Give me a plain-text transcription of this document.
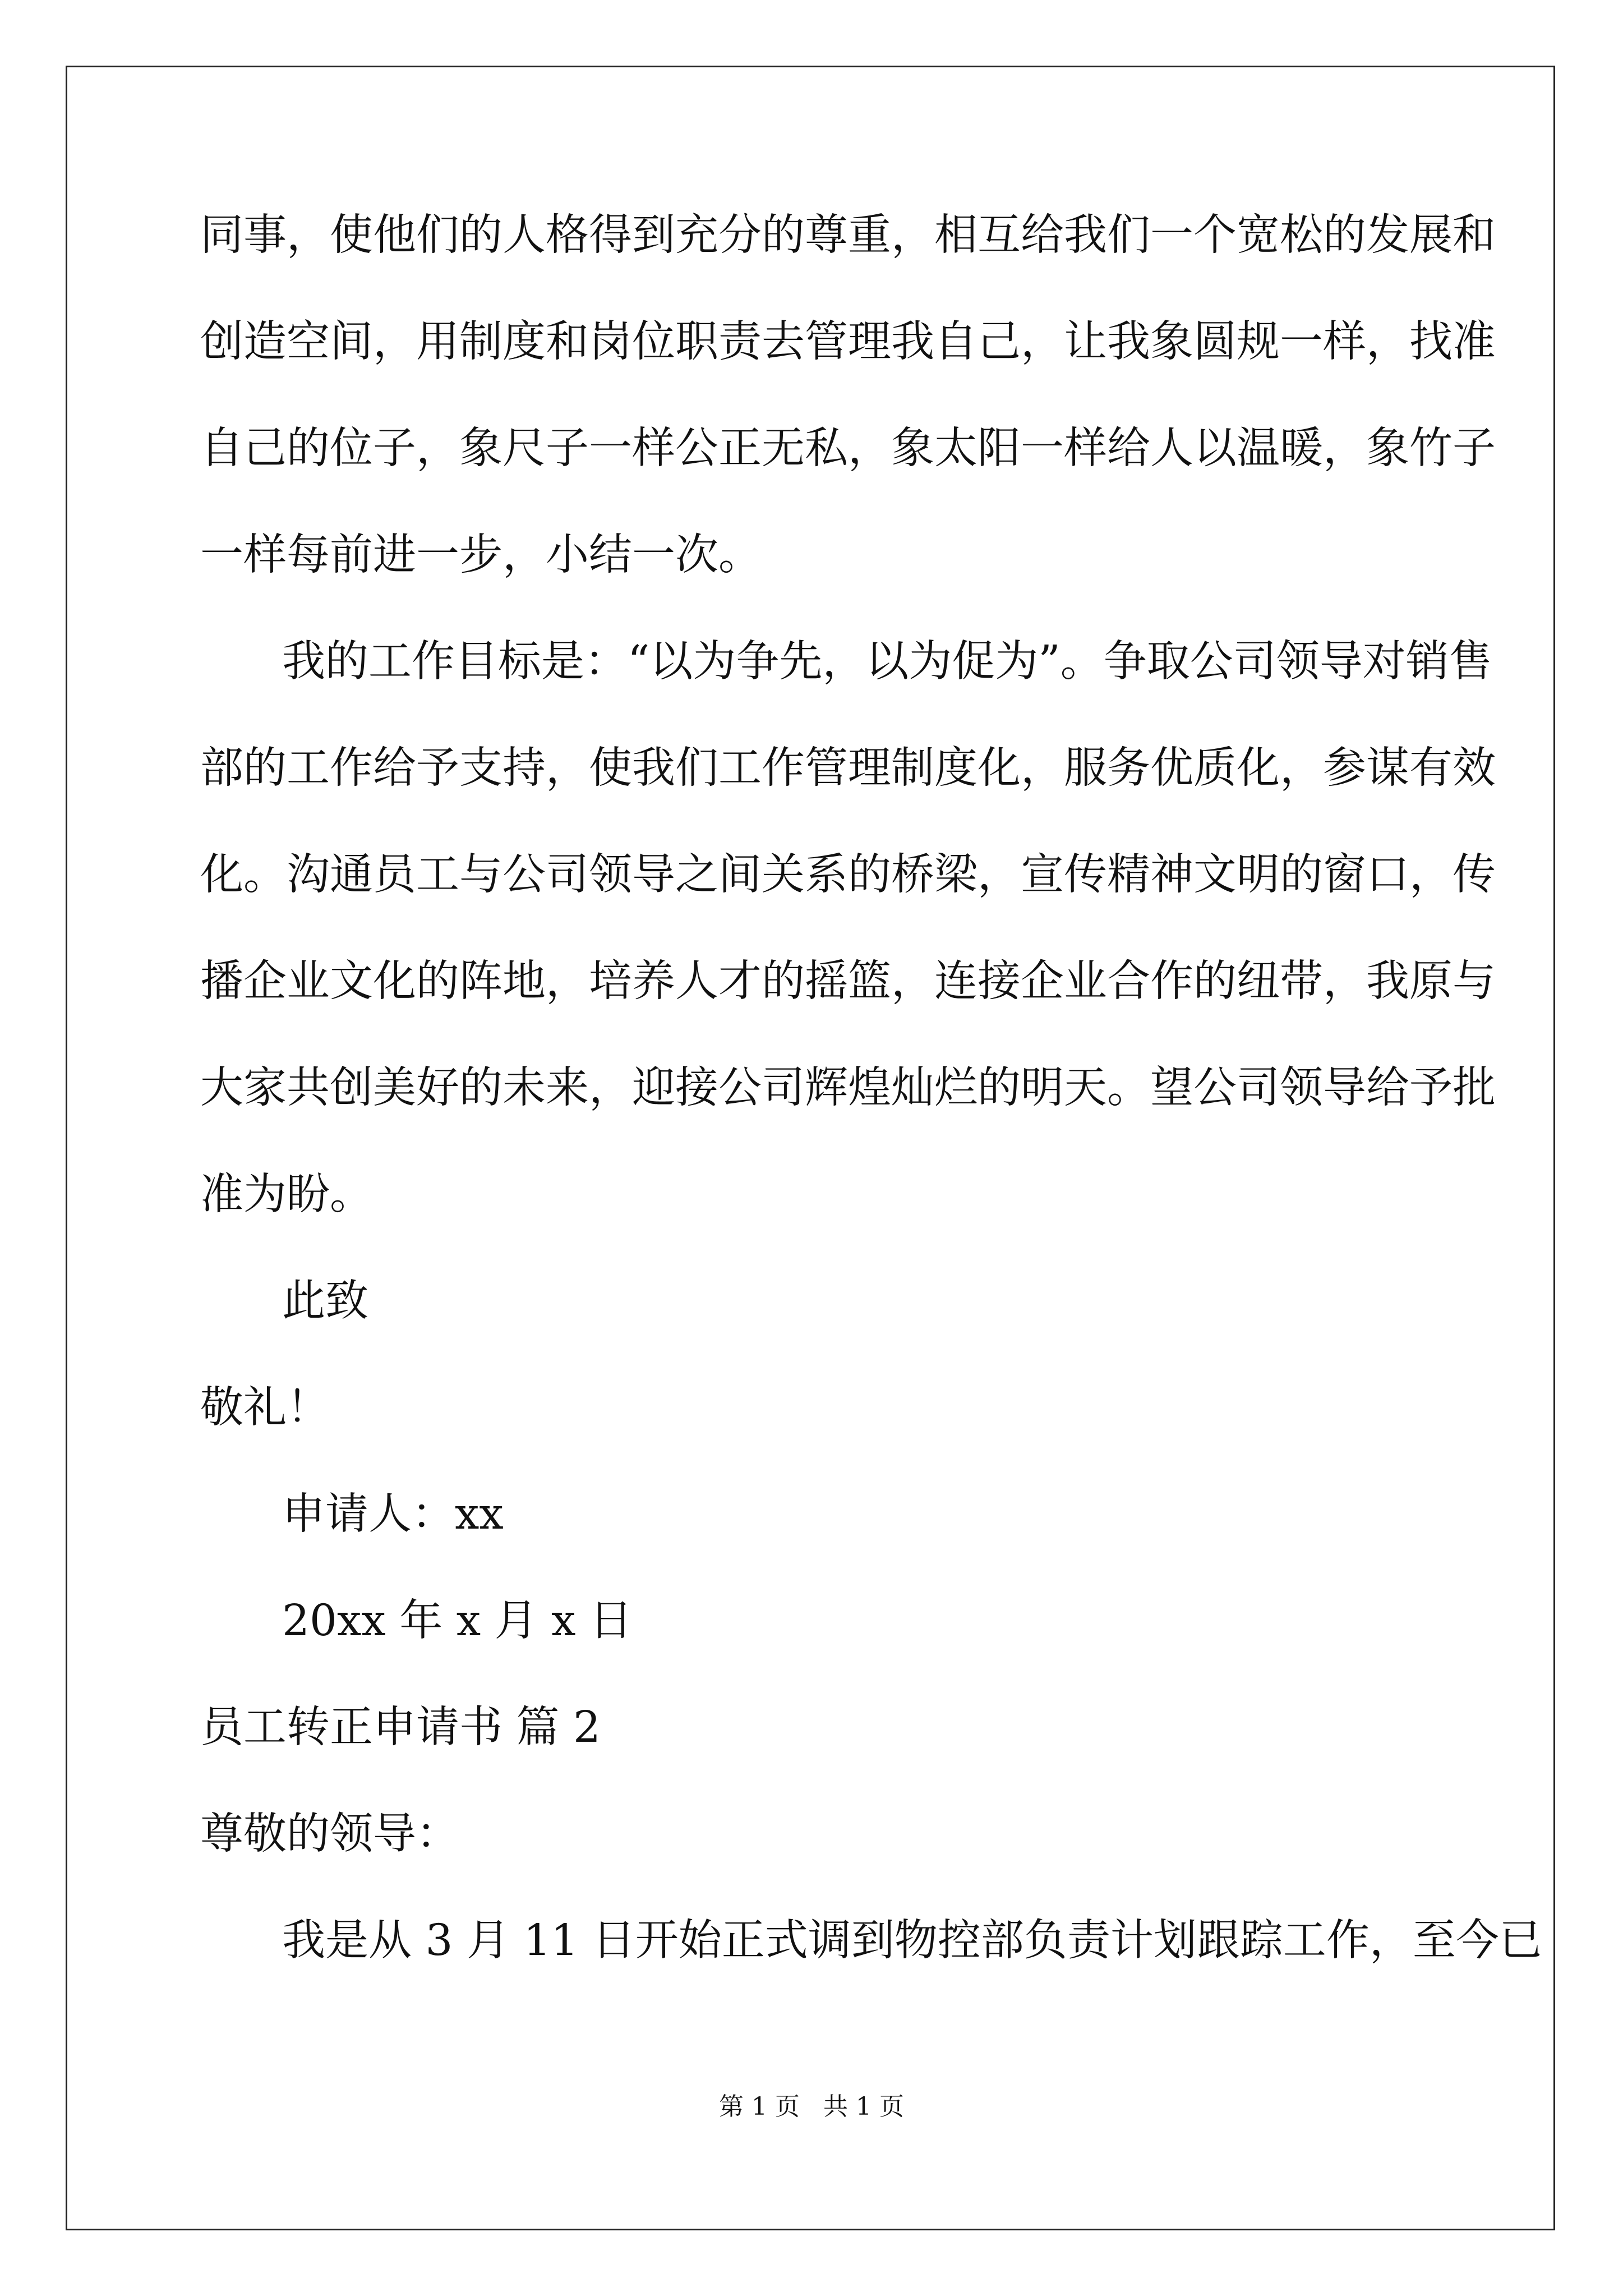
同事，使他们的人格得到充分的尊重，相互给我们一个宽松的发展和
创造空间，用制度和岗位职责去管理我自己，让我象圆规一样，找准
自己的位子，象尺子一样公正无私，象太阳一样给人以温暖，象竹子
一样每前进一步，小结一次。
我的工作目标是：“以为争先，以为促为”。争取公司领导对销售
部的工作给予支持，使我们工作管理制度化，服务优质化，参谋有效
化。沟通员工与公司领导之间关系的桥梁，宣传精神文明的窗口，传
播企业文化的阵地，培养人才的摇篮，连接企业合作的纽带，我原与
大家共创美好的未来，迎接公司辉煌灿烂的明天。望公司领导给予批
准为盼。
此致
敬礼！
申请人：xx
20xx 年 x 月 x 日
员工转正申请书 篇 2
尊敬的领导：
我是从 3 月 11 日开始正式调到物控部负责计划跟踪工作，至今已
第 1 页   共 1 页
